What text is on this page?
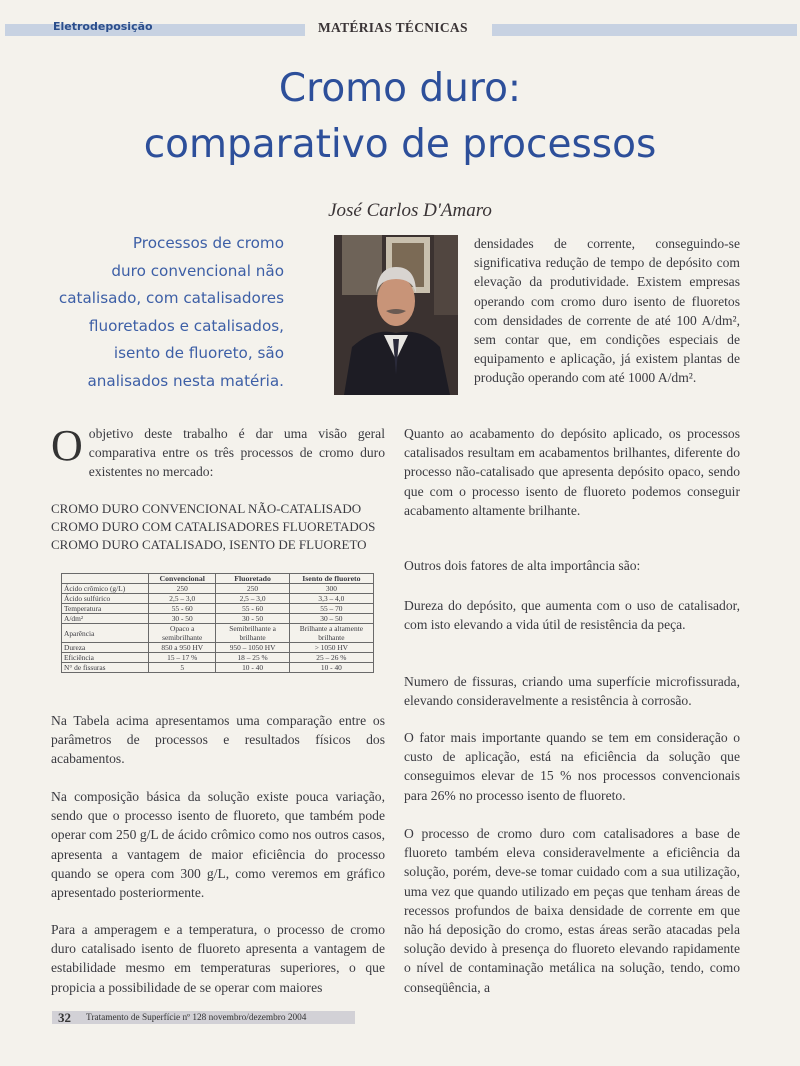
Eletrodeposição	MATÉRIAS TÉCNICAS
Cromo duro:
comparativo de processos
José Carlos D'Amaro
Processos de cromo
duro convencional não
catalisado, com catalisadores
fluoretados e catalisados,
isento de fluoreto, são
analisados nesta matéria.
Oobjetivo deste trabalho é dar uma visão geral comparativa entre os três processos de cromo duro existentes no mercado:
CROMO DURO CONVENCIONAL NÃO-CATALISADO
CROMO DURO COM CATALISADORES FLUORETADOS
CROMO DURO CATALISADO, ISENTO DE FLUORETO
	Convencional	Fluoretado	Isento de fluoreto
Ácido crômico (g/L)	250	250	300
Ácido sulfúrico	2,5 – 3,0	2,5 – 3,0	3,3 – 4,0
Temperatura	55 - 60	55 - 60	55 – 70
A/dm²	30 - 50	30 - 50	30 – 50
Aparência	Opaco a semibrilhante	Semibrilhante a brilhante	Brilhante a altamente brilhante
Dureza	850 a 950 HV	950 – 1050 HV	> 1050 HV
Eficiência	15 – 17 %	18 – 25 %	25 – 26 %
N° de fissuras	5	10 - 40	10 - 40

Na Tabela acima apresentamos uma comparação entre os parâmetros de processos e resultados físicos dos acabamentos.

Na composição básica da solução existe pouca variação, sendo que o processo isento de fluoreto, que também pode operar com 250 g/L de ácido crômico como nos outros casos, apresenta a vantagem de maior eficiência do processo quando se opera com 300 g/L, como veremos em gráfico apresentado posteriormente.

Para a amperagem e a temperatura, o processo de cromo duro catalisado isento de fluoreto apresenta a vantagem de estabilidade mesmo em temperaturas superiores, o que propicia a possibilidade de se operar com maiores

densidades de corrente, conseguindo-se significativa redução de tempo de depósito com elevação da produtividade. Existem empresas operando com cromo duro isento de fluoretos com densidades de corrente de até 100 A/dm², sem contar que, em condições especiais de equipamento e aplicação, já existem plantas de produção operando com até 1000 A/dm².

Quanto ao acabamento do depósito aplicado, os processos catalisados resultam em acabamentos brilhantes, diferente do processo não-catalisado que apresenta depósito opaco, sendo que com o processo isento de fluoreto podemos conseguir acabamento altamente brilhante.

Outros dois fatores de alta importância são:

Dureza do depósito, que aumenta com o uso de catalisador, com isto elevando a vida útil de resistência da peça.

Numero de fissuras, criando uma superfície microfissurada, elevando consideravelmente a resistência à corrosão.

O fator mais importante quando se tem em consideração o custo de aplicação, está na eficiência da solução que conseguimos elevar de 15 % nos processos convencionais para 26% no processo isento de fluoreto.

O processo de cromo duro com catalisadores a base de fluoreto também eleva consideravelmente a eficiência da solução, porém, deve-se tomar cuidado com a sua utilização, uma vez que quando utilizado em peças que tenham áreas de recessos profundos de baixa densidade de corrente em que não há deposição do cromo, estas áreas serão atacadas pela solução devido à presença do fluoreto elevando rapidamente o nível de contaminação metálica na solução, tendo, como conseqüência, a

32 Tratamento de Superfície nº 128 novembro/dezembro 2004
